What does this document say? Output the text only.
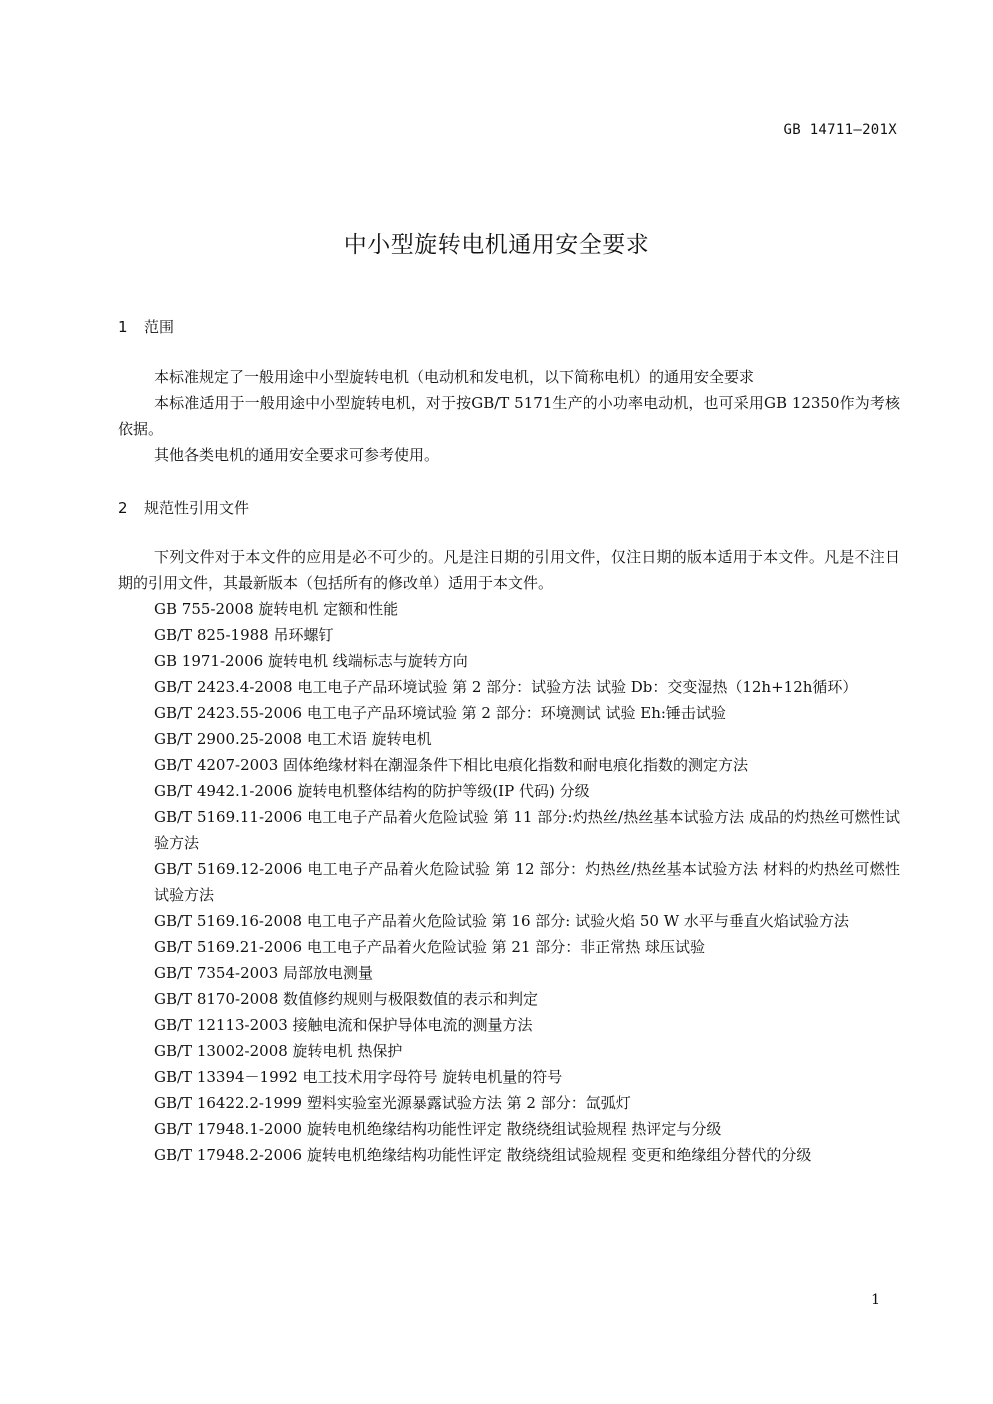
GB 14711—201X
中小型旋转电机通用安全要求
1 范围
本标准规定了一般用途中小型旋转电机（电动机和发电机，以下简称电机）的通用安全要求
本标准适用于一般用途中小型旋转电机，对于按GB/T 5171生产的小功率电动机，也可采用GB 12350作为考核依据。
其他各类电机的通用安全要求可参考使用。
2 规范性引用文件
下列文件对于本文件的应用是必不可少的。凡是注日期的引用文件，仅注日期的版本适用于本文件。凡是不注日期的引用文件，其最新版本（包括所有的修改单）适用于本文件。
GB 755-2008 旋转电机 定额和性能
GB/T 825-1988 吊环螺钉
GB 1971-2006 旋转电机 线端标志与旋转方向
GB/T 2423.4-2008 电工电子产品环境试验 第 2 部分：试验方法 试验 Db：交变湿热（12h+12h循环）
GB/T 2423.55-2006 电工电子产品环境试验 第 2 部分：环境测试 试验 Eh:锤击试验
GB/T 2900.25-2008 电工术语 旋转电机
GB/T 4207-2003 固体绝缘材料在潮湿条件下相比电痕化指数和耐电痕化指数的测定方法
GB/T 4942.1-2006 旋转电机整体结构的防护等级(IP 代码) 分级
GB/T 5169.11-2006 电工电子产品着火危险试验 第 11 部分:灼热丝/热丝基本试验方法 成品的灼热丝可燃性试验方法
GB/T 5169.12-2006 电工电子产品着火危险试验 第 12 部分：灼热丝/热丝基本试验方法 材料的灼热丝可燃性试验方法
GB/T 5169.16-2008 电工电子产品着火危险试验 第 16 部分: 试验火焰 50 W 水平与垂直火焰试验方法
GB/T 5169.21-2006 电工电子产品着火危险试验 第 21 部分：非正常热 球压试验
GB/T 7354-2003 局部放电测量
GB/T 8170-2008 数值修约规则与极限数值的表示和判定
GB/T 12113-2003 接触电流和保护导体电流的测量方法
GB/T 13002-2008 旋转电机 热保护
GB/T 13394－1992 电工技术用字母符号 旋转电机量的符号
GB/T 16422.2-1999 塑料实验室光源暴露试验方法 第 2 部分：氙弧灯
GB/T 17948.1-2000 旋转电机绝缘结构功能性评定 散绕绕组试验规程 热评定与分级
GB/T 17948.2-2006 旋转电机绝缘结构功能性评定 散绕绕组试验规程 变更和绝缘组分替代的分级
1
